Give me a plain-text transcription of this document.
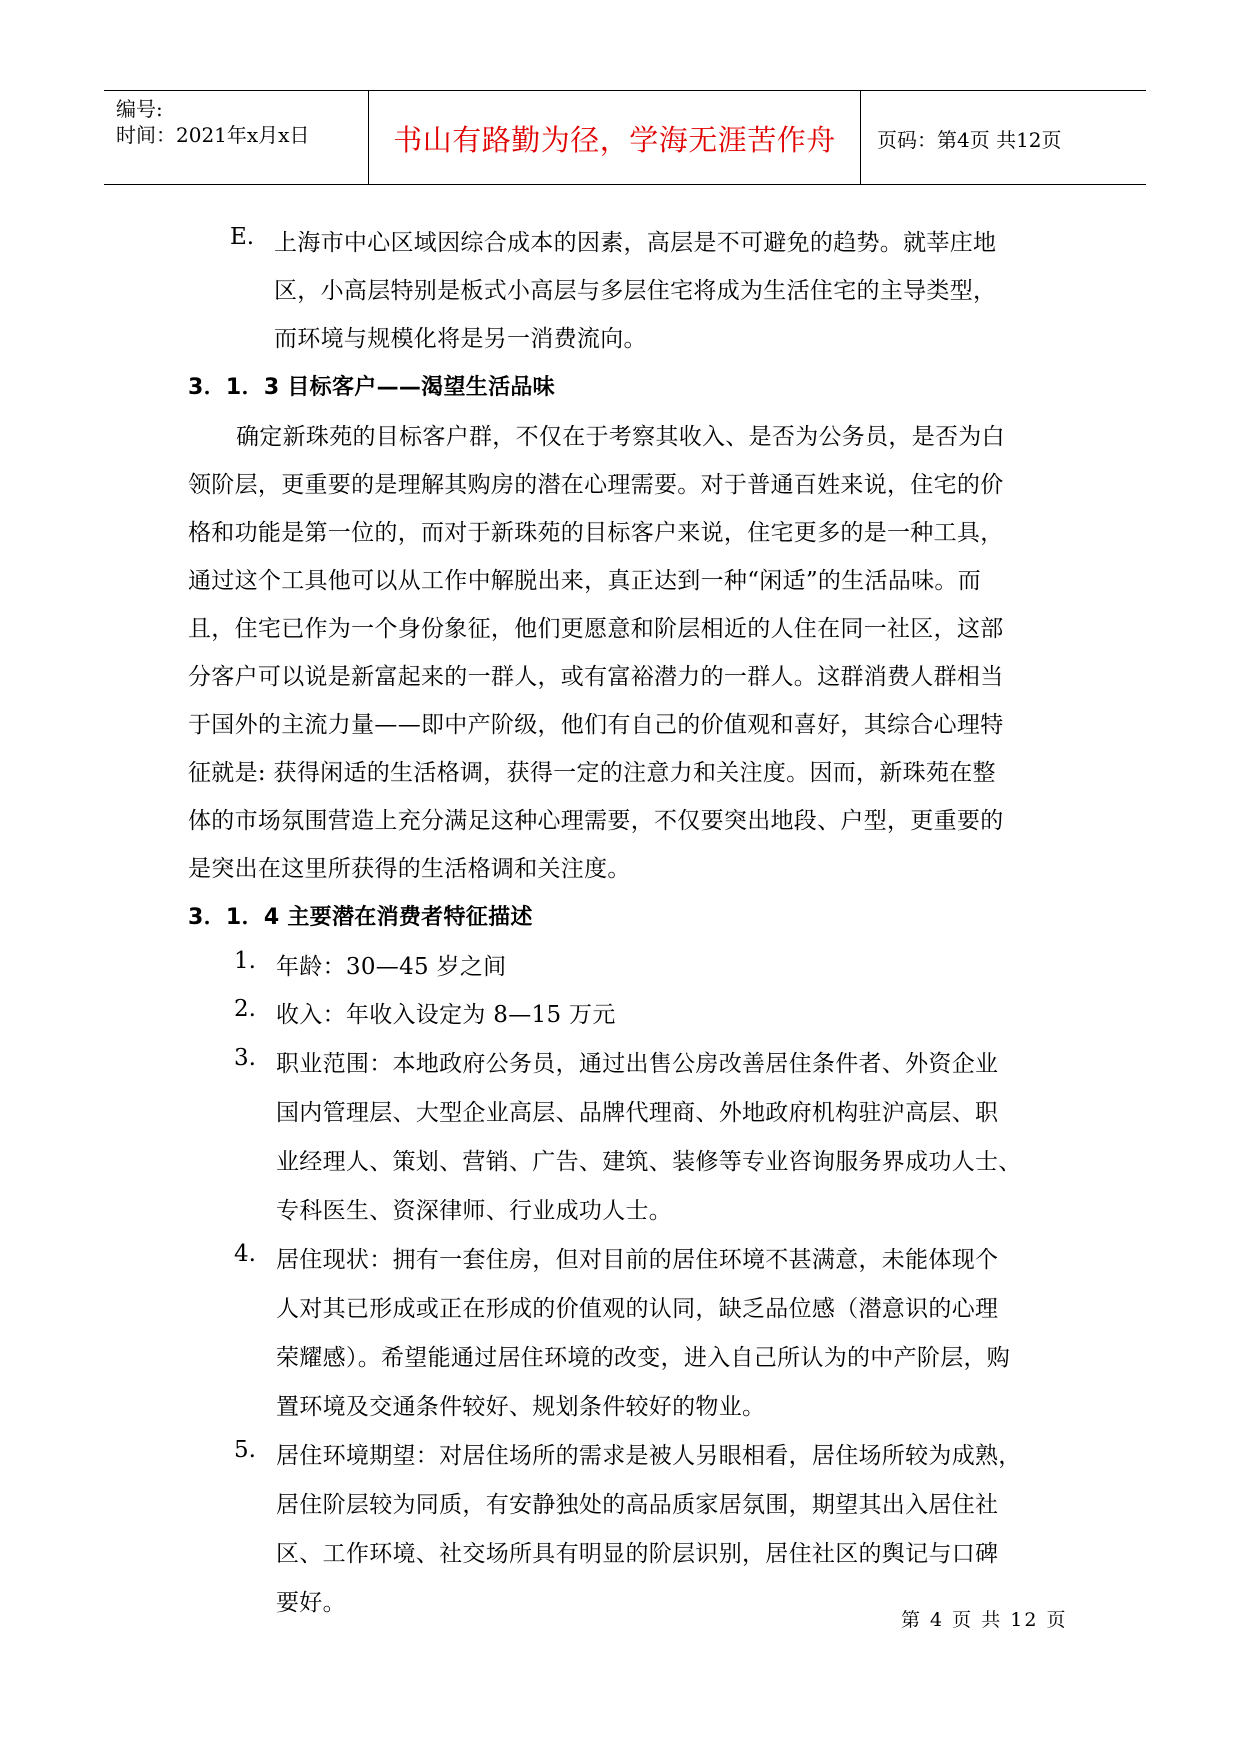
编号:
时间：2021年x月x日	书山有路勤为径，学海无涯苦作舟	页码：第4页 共12页
E. 上海市中心区域因综合成本的因素，高层是不可避免的趋势。就莘庄地
区，小高层特别是板式小高层与多层住宅将成为生活住宅的主导类型，
而环境与规模化将是另一消费流向。
3．1．3 目标客户——渴望生活品味
确定新珠苑的目标客户群，不仅在于考察其收入、是否为公务员，是否为白
领阶层，更重要的是理解其购房的潜在心理需要。对于普通百姓来说，住宅的价
格和功能是第一位的，而对于新珠苑的目标客户来说，住宅更多的是一种工具，
通过这个工具他可以从工作中解脱出来，真正达到一种“闲适”的生活品味。而
且，住宅已作为一个身份象征，他们更愿意和阶层相近的人住在同一社区，这部
分客户可以说是新富起来的一群人，或有富裕潜力的一群人。这群消费人群相当
于国外的主流力量——即中产阶级，他们有自己的价值观和喜好，其综合心理特
征就是: 获得闲适的生活格调，获得一定的注意力和关注度。因而，新珠苑在整
体的市场氛围营造上充分满足这种心理需要，不仅要突出地段、户型，更重要的
是突出在这里所获得的生活格调和关注度。
3．1．4 主要潜在消费者特征描述
1. 年龄：30—45 岁之间
2. 收入：年收入设定为 8—15 万元
3. 职业范围：本地政府公务员，通过出售公房改善居住条件者、外资企业
国内管理层、大型企业高层、品牌代理商、外地政府机构驻沪高层、职
业经理人、策划、营销、广告、建筑、装修等专业咨询服务界成功人士、
专科医生、资深律师、行业成功人士。
4. 居住现状：拥有一套住房，但对目前的居住环境不甚满意，未能体现个
人对其已形成或正在形成的价值观的认同，缺乏品位感（潜意识的心理
荣耀感）。希望能通过居住环境的改变，进入自己所认为的中产阶层，购
置环境及交通条件较好、规划条件较好的物业。
5. 居住环境期望：对居住场所的需求是被人另眼相看，居住场所较为成熟，
居住阶层较为同质，有安静独处的高品质家居氛围，期望其出入居住社
区、工作环境、社交场所具有明显的阶层识别，居住社区的舆记与口碑
要好。
第 4 页 共 12 页
